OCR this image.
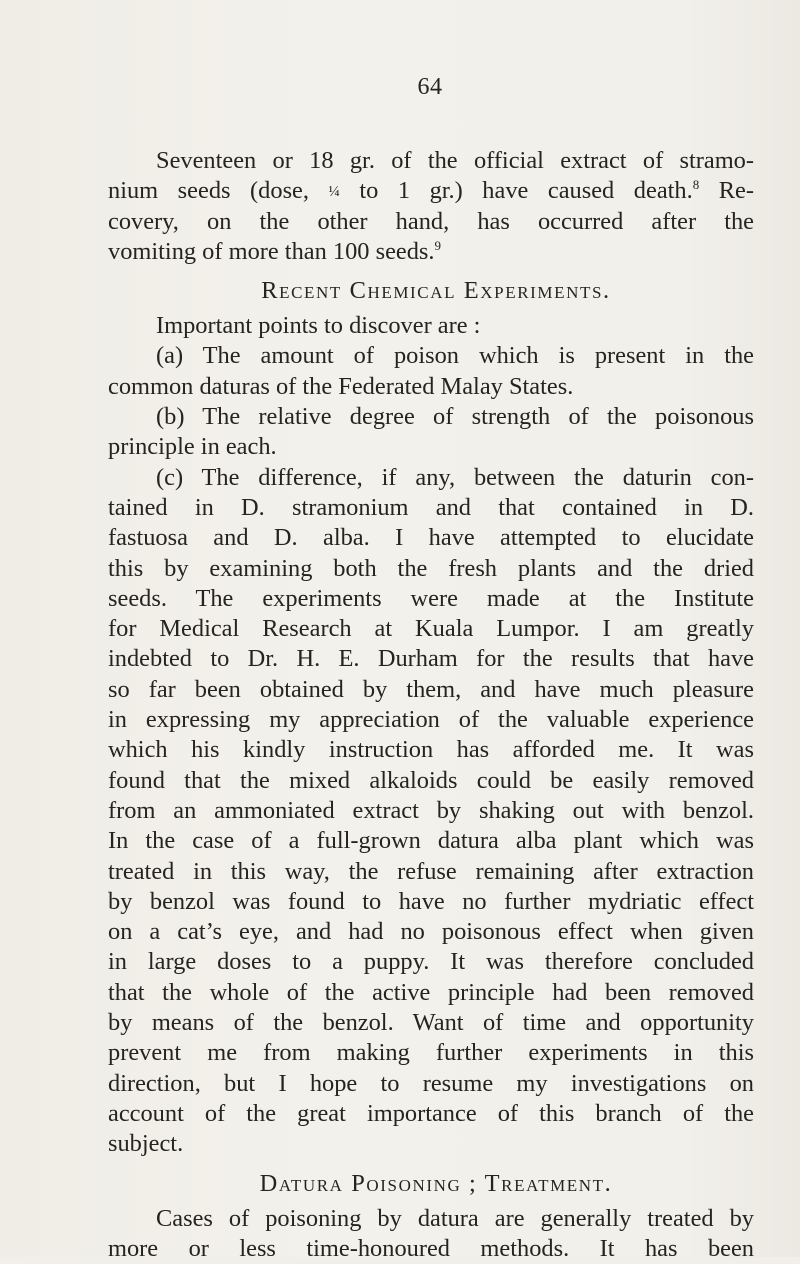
64
Seventeen or 18 gr. of the official extract of stramo-
nium seeds (dose, ¼ to 1 gr.) have caused death.$^8$ Re-
covery, on the other hand, has occurred after the
vomiting of more than 100 seeds.$^9$
Recent Chemical Experiments.
Important points to discover are :
(a) The amount of poison which is present in the
common daturas of the Federated Malay States.
(b) The relative degree of strength of the poisonous
principle in each.
(c) The difference, if any, between the daturin con-
tained in D. stramonium and that contained in D.
fastuosa and D. alba. I have attempted to elucidate
this by examining both the fresh plants and the dried
seeds. The experiments were made at the Institute
for Medical Research at Kuala Lumpor. I am greatly
indebted to Dr. H. E. Durham for the results that have
so far been obtained by them, and have much pleasure
in expressing my appreciation of the valuable experience
which his kindly instruction has afforded me. It was
found that the mixed alkaloids could be easily removed
from an ammoniated extract by shaking out with benzol.
In the case of a full-grown datura alba plant which was
treated in this way, the refuse remaining after extraction
by benzol was found to have no further mydriatic effect
on a cat’s eye, and had no poisonous effect when given
in large doses to a puppy. It was therefore concluded
that the whole of the active principle had been removed
by means of the benzol. Want of time and opportunity
prevent me from making further experiments in this
direction, but I hope to resume my investigations on
account of the great importance of this branch of the
subject.
Datura Poisoning ; Treatment.
Cases of poisoning by datura are generally treated by
more or less time-honoured methods. It has been
